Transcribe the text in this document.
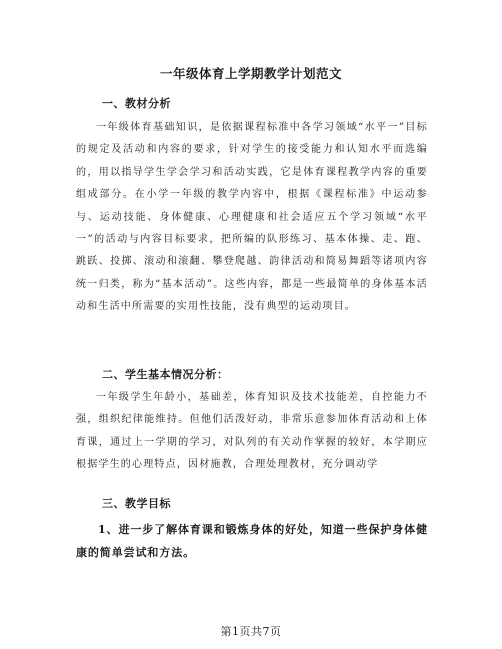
一年级体育上学期教学计划范文
一、教材分析
一年级体育基础知识，是依据课程标准中各学习领域“水平一”目标的规定及活动和内容的要求，针对学生的接受能力和认知水平而选编的，用以指导学生学会学习和活动实践，它是体育课程教学内容的重要组成部分。在小学一年级的教学内容中，根据《课程标准》中运动参与、运动技能、身体健康、心理健康和社会适应五个学习领域“水平一”的活动与内容目标要求，把所编的队形练习、基本体操、走、跑、跳跃、投掷、滚动和滚翻、攀登爬越、韵律活动和简易舞蹈等诸项内容统一归类，称为“基本活动”。这些内容，都是一些最简单的身体基本活动和生活中所需要的实用性技能，没有典型的运动项目。
二、学生基本情况分析：
一年级学生年龄小，基础差，体育知识及技术技能差，自控能力不强，组织纪律能维持。但他们活泼好动，非常乐意参加体育活动和上体育课，通过上一学期的学习，对队列的有关动作掌握的较好，本学期应根据学生的心理特点，因材施教，合理处理教材，充分调动学
三、教学目标
1、进一步了解体育课和锻炼身体的好处，知道一些保护身体健康的简单尝试和方法。
第1页共7页
